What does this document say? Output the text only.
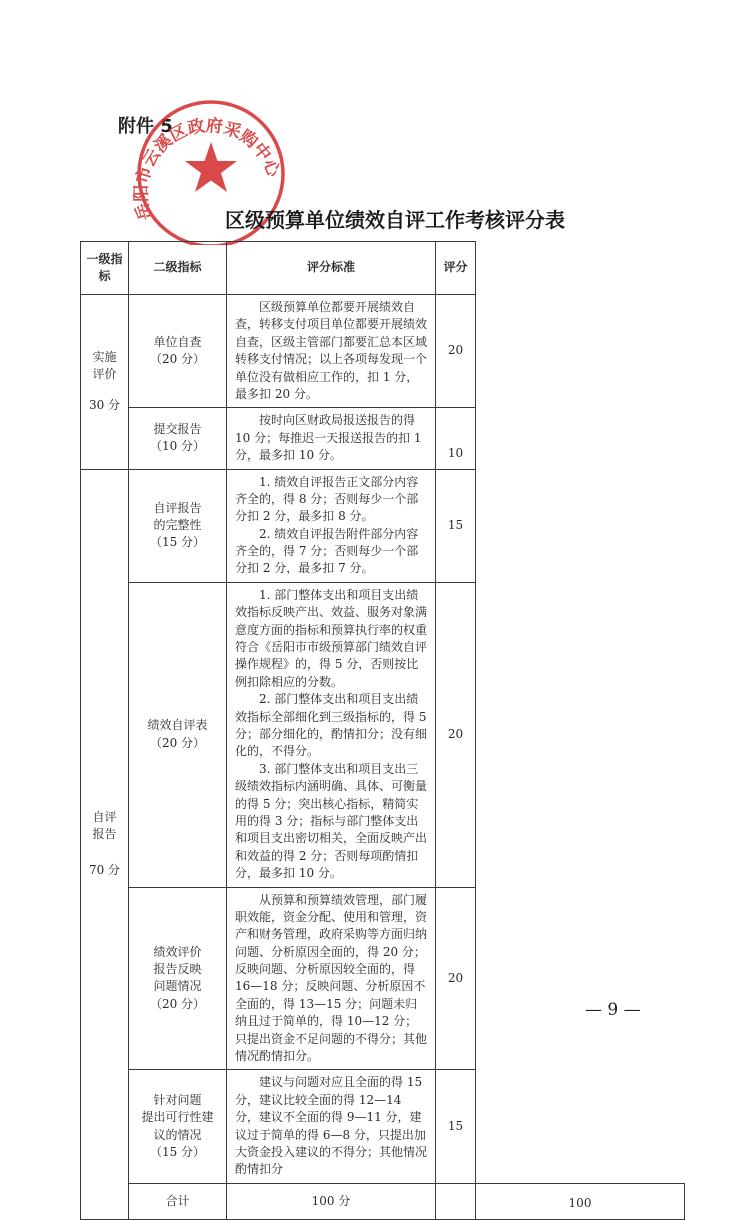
附件 5
岳阳市云溪区政府采购中心
区级预算单位绩效自评工作考核评分表
一级指标	二级指标	评分标准	评分	

实施
评价
30 分	单位自查
（20 分）	区级预算单位都要开展绩效自查，转移支付项目单位都要开展绩效自查，区级主管部门都要汇总本区域转移支付情况；以上各项每发现一个单位没有做相应工作的，扣 1 分，最多扣 20 分。	20	

	提交报告
（10 分）	按时向区财政局报送报告的得 10 分；每推迟一天报送报告的扣 1 分，最多扣 10 分。	10	

自评
报告
70 分	自评报告
的完整性
（15 分）	1. 绩效自评报告正文部分内容齐全的，得 8 分；否则每少一个部分扣 2 分，最多扣 8 分。
2. 绩效自评报告附件部分内容齐全的，得 7 分；否则每少一个部分扣 2 分，最多扣 7 分。	15	

	绩效自评表
（20 分）	1. 部门整体支出和项目支出绩效指标反映产出、效益、服务对象满意度方面的指标和预算执行率的权重符合《岳阳市市级预算部门绩效自评操作规程》的，得 5 分，否则按比例扣除相应的分数。
2. 部门整体支出和项目支出绩效指标全部细化到三级指标的，得 5 分；部分细化的，酌情扣分；没有细化的，不得分。
3. 部门整体支出和项目支出三级绩效指标内涵明确、具体、可衡量的得 5 分；突出核心指标，精简实用的得 3 分；指标与部门整体支出和项目支出密切相关，全面反映产出和效益的得 2 分；否则每项酌情扣分，最多扣 10 分。	20	

	绩效评价
报告反映
问题情况
（20 分）	从预算和预算绩效管理，部门履职效能，资金分配、使用和管理，资产和财务管理，政府采购等方面归纳问题、分析原因全面的，得 20 分；反映问题、分析原因较全面的，得 16—18 分；反映问题、分析原因不全面的，得 13—15 分；问题未归纳且过于简单的，得 10—12 分；只提出资金不足问题的不得分；其他情况酌情扣分。	20	

	针对问题
提出可行性建
议的情况
（15 分）	建议与问题对应且全面的得 15 分，建议比较全面的得 12—14 分，建议不全面的得 9—11 分，建议过于简单的得 6—8 分，只提出加大资金投入建议的不得分；其他情况酌情扣分	15	
	合计	100 分		100
— 9 —
